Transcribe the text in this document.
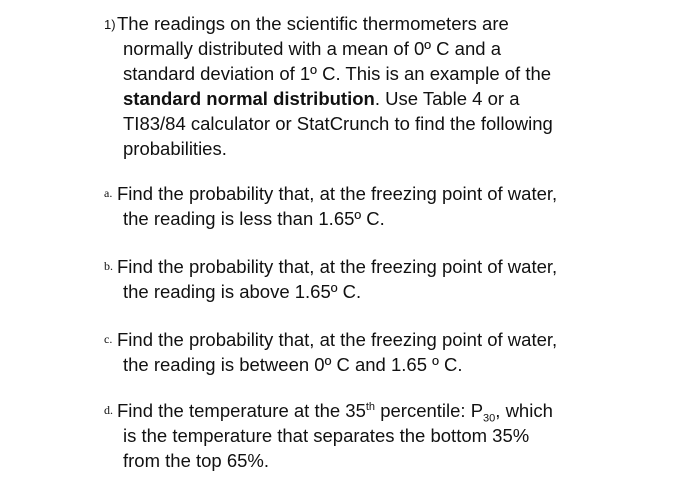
1) The readings on the scientific thermometers are
normally distributed with a mean of 0º C and a
standard deviation of 1º C. This is an example of the
standard normal distribution. Use Table 4 or a
TI83/84 calculator or StatCrunch to find the following
probabilities.
a. Find the probability that, at the freezing point of water,
the reading is less than 1.65º C.
b. Find the probability that, at the freezing point of water,
the reading is above 1.65º C.
c. Find the probability that, at the freezing point of water,
the reading is between 0º C and 1.65 º C.
d. Find the temperature at the 35th percentile: $P_{30}$, which
is the temperature that separates the bottom 35%
from the top 65%.
